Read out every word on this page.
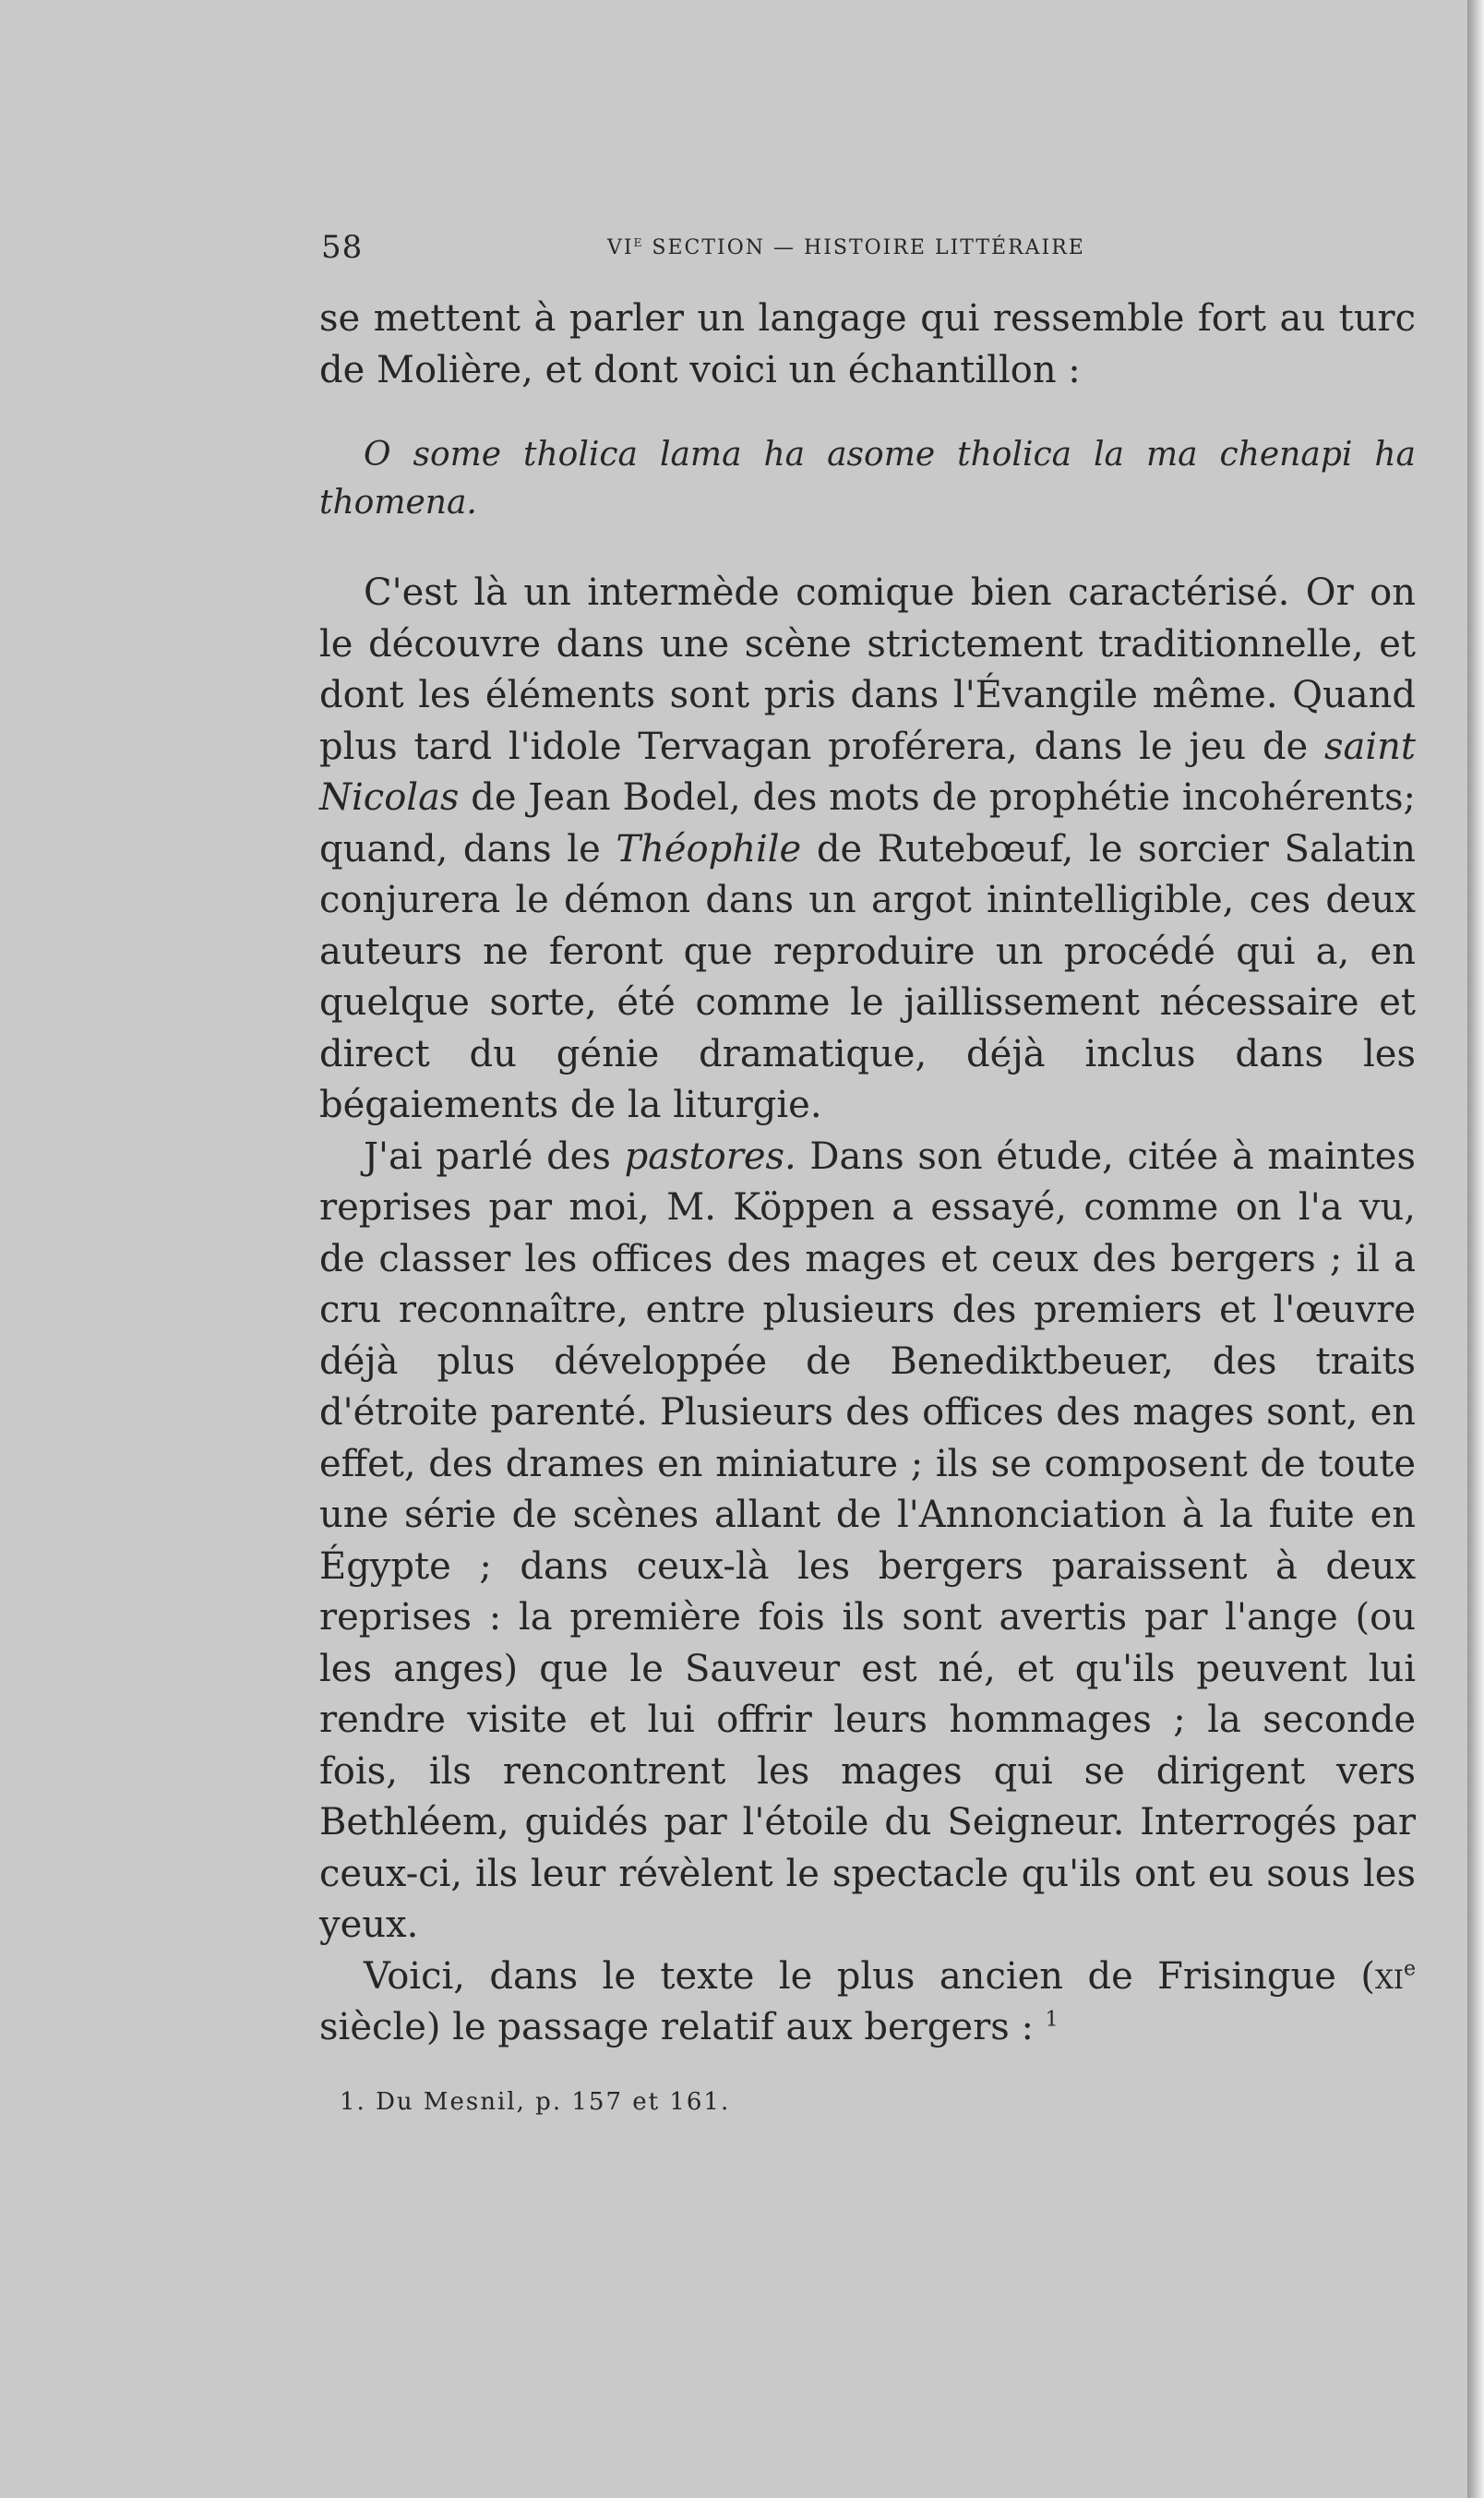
58	$VI^E$ SECTION — HISTOIRE LITTÉRAIRE

se mettent à parler un langage qui ressemble fort au turc de Molière, et dont voici un échantillon :

O some tholica lama ha asome tholica la ma chenapi ha thomena.

C'est là un intermède comique bien caractérisé. Or on le découvre dans une scène strictement traditionnelle, et dont les éléments sont pris dans l'Évangile même. Quand plus tard l'idole Tervagan proférera, dans le jeu de saint Nicolas de Jean Bodel, des mots de prophétie incohérents; quand, dans le Théophile de Rutebœuf, le sorcier Salatin conjurera le démon dans un argot inintelligible, ces deux auteurs ne feront que reproduire un procédé qui a, en quelque sorte, été comme le jaillissement nécessaire et direct du génie dramatique, déjà inclus dans les bégaiements de la liturgie.

J'ai parlé des pastores. Dans son étude, citée à maintes reprises par moi, M. Köppen a essayé, comme on l'a vu, de classer les offices des mages et ceux des bergers ; il a cru reconnaître, entre plusieurs des premiers et l'œuvre déjà plus développée de Benediktbeuer, des traits d'étroite parenté. Plusieurs des offices des mages sont, en effet, des drames en miniature ; ils se composent de toute une série de scènes allant de l'Annonciation à la fuite en Égypte ; dans ceux-là les bergers paraissent à deux reprises : la première fois ils sont avertis par l'ange (ou les anges) que le Sauveur est né, et qu'ils peuvent lui rendre visite et lui offrir leurs hommages ; la seconde fois, ils rencontrent les mages qui se dirigent vers Bethléem, guidés par l'étoile du Seigneur. Interrogés par ceux-ci, ils leur révèlent le spectacle qu'ils ont eu sous les yeux.

Voici, dans le texte le plus ancien de Frisingue ($xi^e$ siècle) le passage relatif aux bergers : $^1$

1. Du Mesnil, p. 157 et 161.
